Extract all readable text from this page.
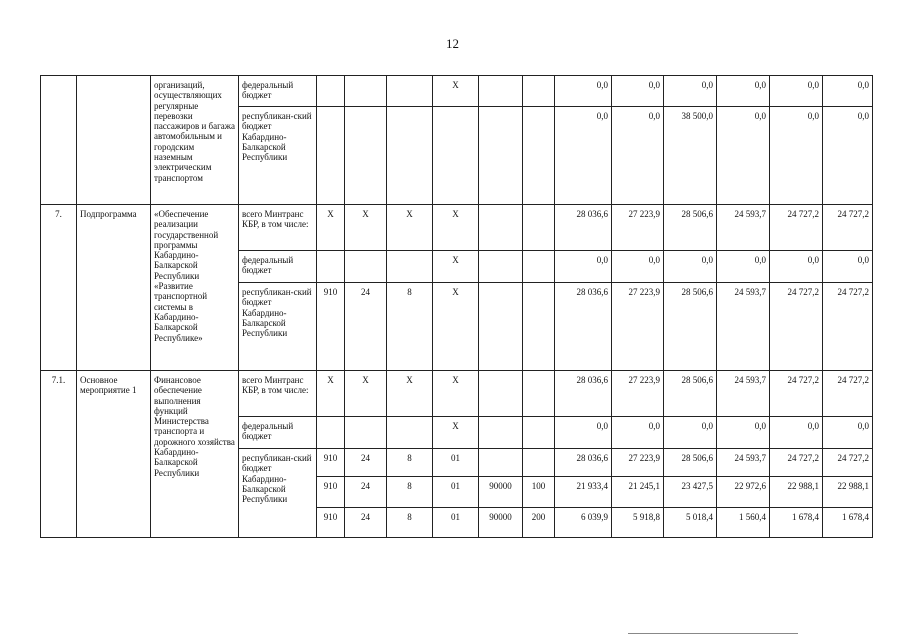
12
		организаций, осуществляющих регулярные перевозки пассажиров и багажа автомобильным и городским наземным электрическим транспортом	федеральный бюджет				Х			0,0	0,0	0,0	0,0	0,0	0,0
			республикан-ский бюджет Кабардино-Балкарской Республики							0,0	0,0	38 500,0	0,0	0,0	0,0
7.	Подпрограмма	«Обеспечение реализации государственной программы Кабардино-Балкарской Республики «Развитие транспортной системы в Кабардино-Балкарской Республике»	всего Минтранс КБР, в том числе:	Х	Х	Х	Х			28 036,6	27 223,9	28 506,6	24 593,7	24 727,2	24 727,2
			федеральный бюджет				Х			0,0	0,0	0,0	0,0	0,0	0,0
			республикан-ский бюджет Кабардино-Балкарской Республики	910	24	8	Х			28 036,6	27 223,9	28 506,6	24 593,7	24 727,2	24 727,2
7.1.	Основное мероприятие 1	Финансовое обеспечение выполнения функций Министерства транспорта и дорожного хозяйства Кабардино-Балкарской Республики	всего Минтранс КБР, в том числе:	Х	Х	Х	Х			28 036,6	27 223,9	28 506,6	24 593,7	24 727,2	24 727,2
			федеральный бюджет				Х			0,0	0,0	0,0	0,0	0,0	0,0
			республикан-ский бюджет Кабардино-Балкарской Республики	910	24	8	01			28 036,6	27 223,9	28 506,6	24 593,7	24 727,2	24 727,2
				910	24	8	01	90000	100	21 933,4	21 245,1	23 427,5	22 972,6	22 988,1	22 988,1
				910	24	8	01	90000	200	6 039,9	5 918,8	5 018,4	1 560,4	1 678,4	1 678,4
